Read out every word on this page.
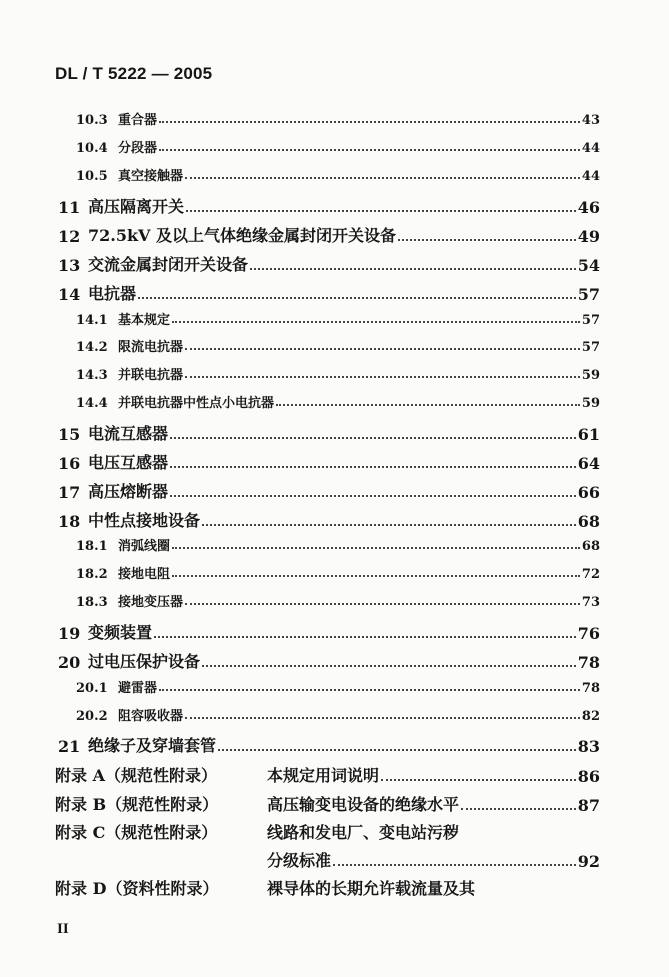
DL / T 5222 — 2005
10.3 重合器	43
10.4 分段器	44
10.5 真空接触器	44
11 高压隔离开关	46
12 72.5kV 及以上气体绝缘金属封闭开关设备	49
13 交流金属封闭开关设备	54
14 电抗器	57
14.1 基本规定	57
14.2 限流电抗器	57
14.3 并联电抗器	59
14.4 并联电抗器中性点小电抗器	59
15 电流互感器	61
16 电压互感器	64
17 高压熔断器	66
18 中性点接地设备	68
18.1 消弧线圈	68
18.2 接地电阻	72
18.3 接地变压器	73
19 变频装置	76
20 过电压保护设备	78
20.1 避雷器	78
20.2 阻容吸收器	82
21 绝缘子及穿墙套管	83
附录 A（规范性附录）	本规定用词说明	86
附录 B（规范性附录）	高压输变电设备的绝缘水平	87
附录 C（规范性附录）	线路和发电厂、变电站污秽
分级标准	92
附录 D（资料性附录）	裸导体的长期允许载流量及其
II
